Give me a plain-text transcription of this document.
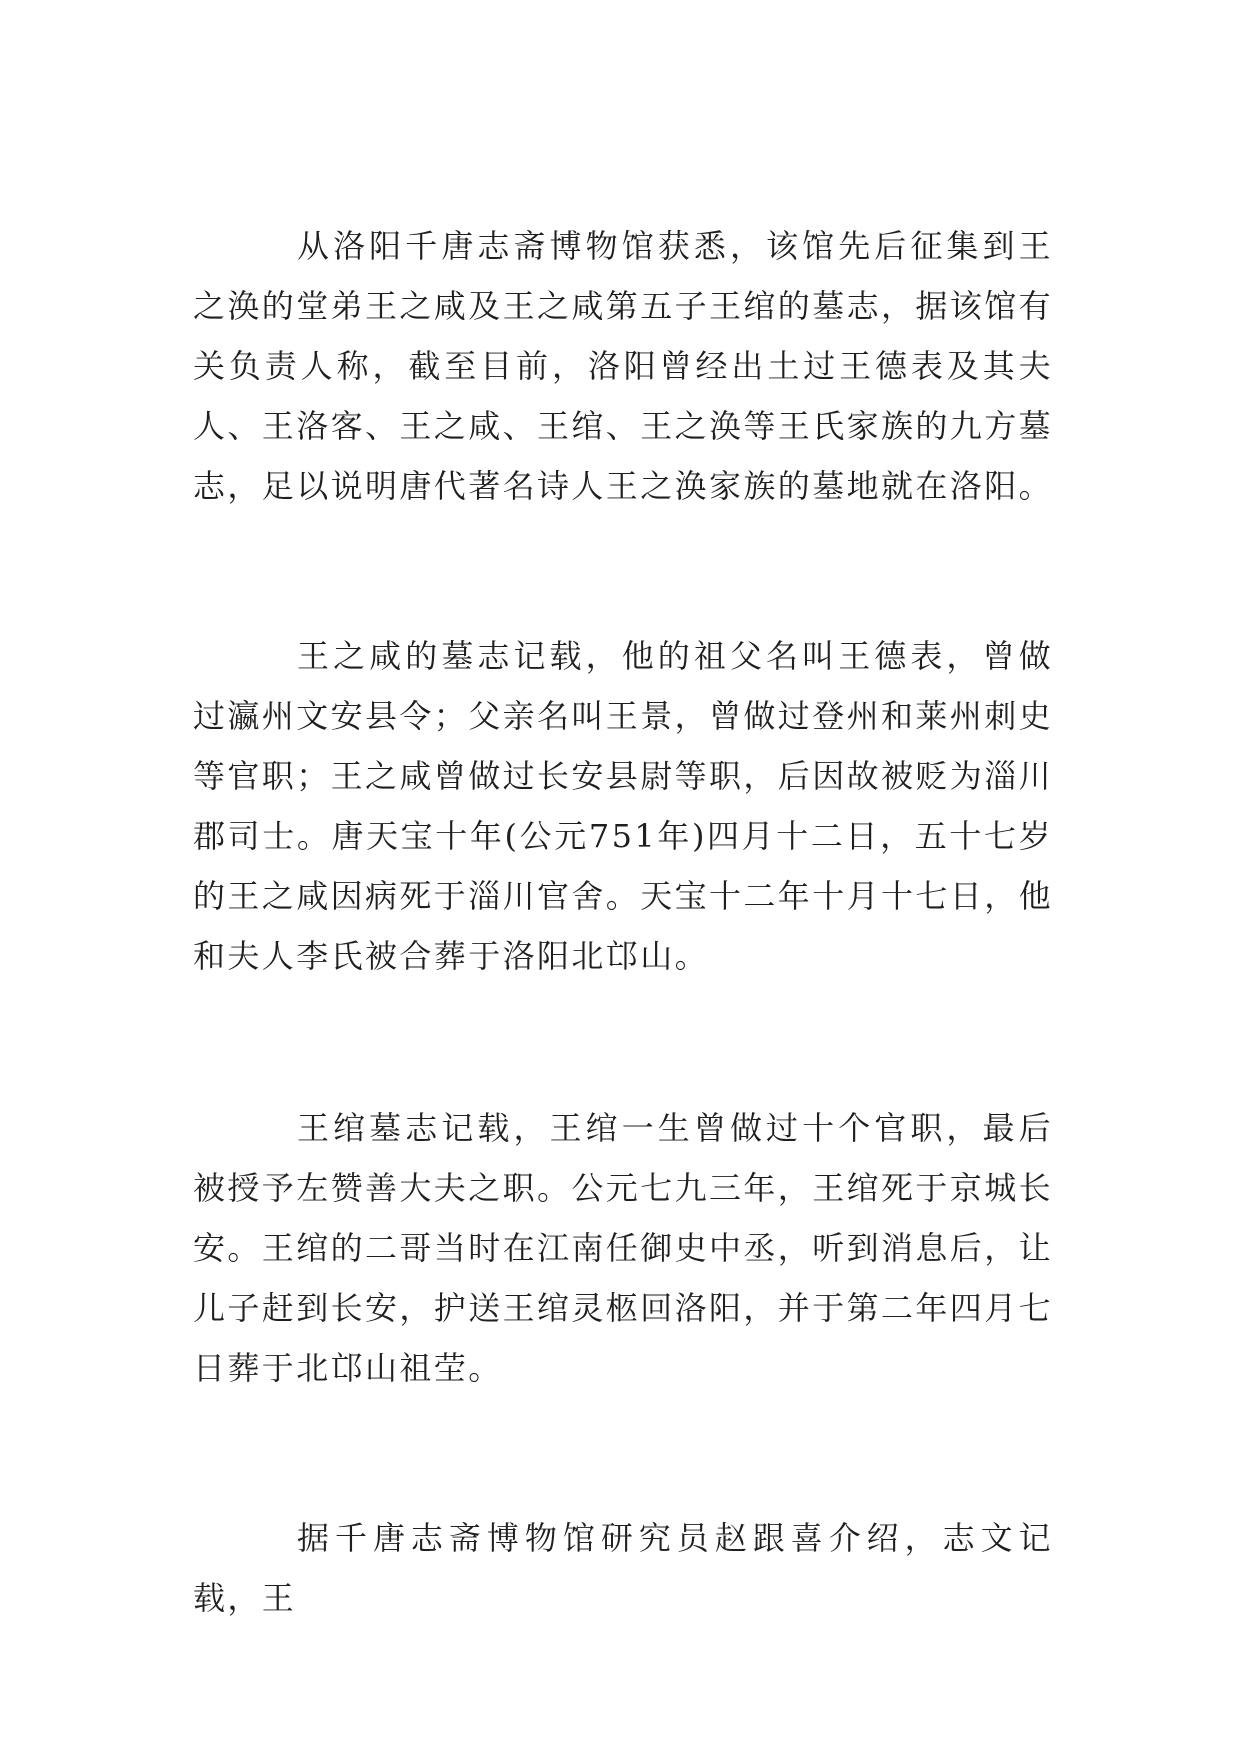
从洛阳千唐志斋博物馆获悉，该馆先后征集到王之涣的堂弟王之咸及王之咸第五子王绾的墓志，据该馆有关负责人称，截至目前，洛阳曾经出土过王德表及其夫人、王洛客、王之咸、王绾、王之涣等王氏家族的九方墓志，足以说明唐代著名诗人王之涣家族的墓地就在洛阳。

王之咸的墓志记载，他的祖父名叫王德表，曾做过瀛州文安县令；父亲名叫王景，曾做过登州和莱州刺史等官职；王之咸曾做过长安县尉等职，后因故被贬为淄川郡司士。唐天宝十年(公元751年)四月十二日，五十七岁的王之咸因病死于淄川官舍。天宝十二年十月十七日，他和夫人李氏被合葬于洛阳北邙山。

王绾墓志记载，王绾一生曾做过十个官职，最后被授予左赞善大夫之职。公元七九三年，王绾死于京城长安。王绾的二哥当时在江南任御史中丞，听到消息后，让儿子赶到长安，护送王绾灵柩回洛阳，并于第二年四月七日葬于北邙山祖茔。

据千唐志斋博物馆研究员赵跟喜介绍，志文记载，王
